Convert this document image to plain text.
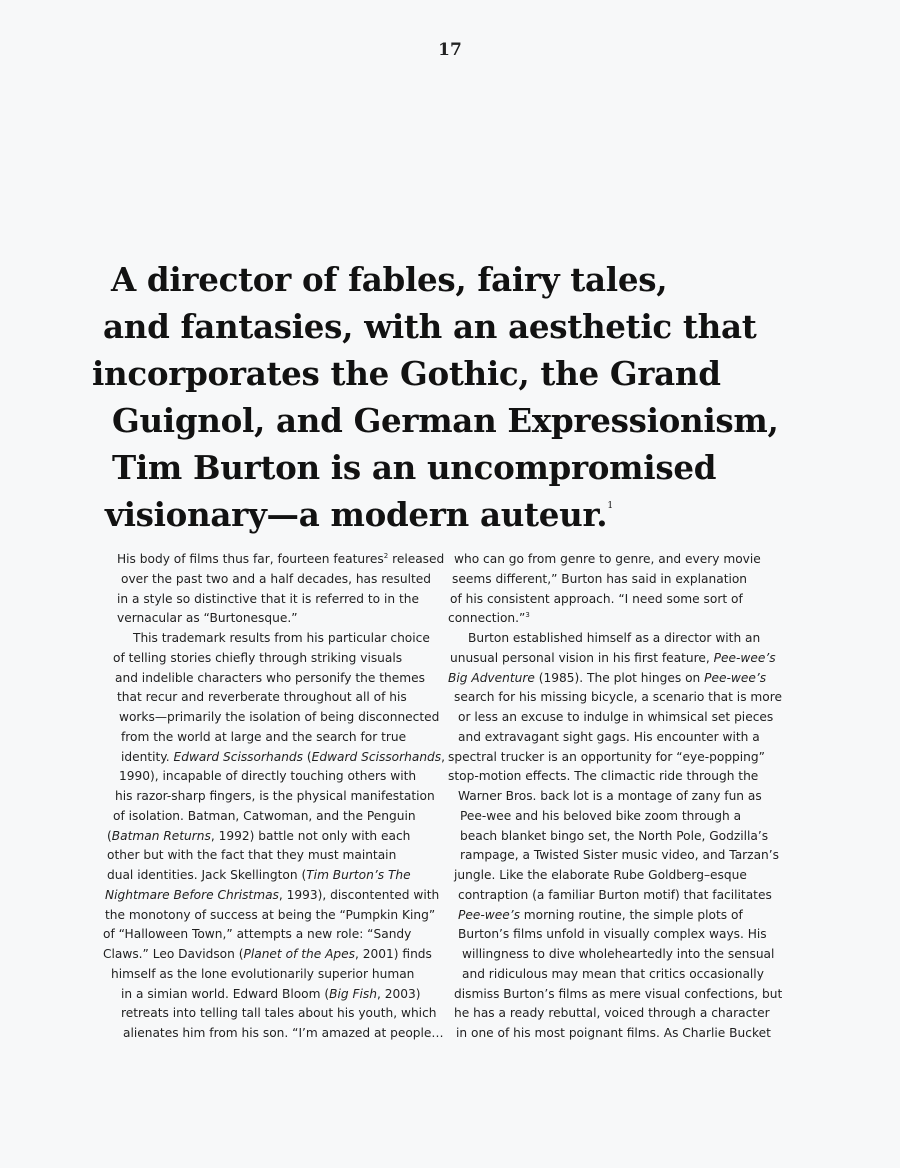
17
A director of fables, fairy tales,
and fantasies, with an aesthetic that
incorporates the Gothic, the Grand
Guignol, and German Expressionism,
Tim Burton is an uncompromised
visionary—a modern auteur.$^1$
His body of films thus far, fourteen features$^2$ released
over the past two and a half decades, has resulted
in a style so distinctive that it is referred to in the
vernacular as “Burtonesque.”
This trademark results from his particular choice
of telling stories chiefly through striking visuals
and indelible characters who personify the themes
that recur and reverberate throughout all of his
works—primarily the isolation of being disconnected
from the world at large and the search for true
identity. Edward Scissorhands (Edward Scissorhands,
1990), incapable of directly touching others with
his razor-sharp fingers, is the physical manifestation
of isolation. Batman, Catwoman, and the Penguin
(Batman Returns, 1992) battle not only with each
other but with the fact that they must maintain
dual identities. Jack Skellington (Tim Burton’s The
Nightmare Before Christmas, 1993), discontented with
the monotony of success at being the “Pumpkin King”
of “Halloween Town,” attempts a new role: “Sandy
Claws.” Leo Davidson (Planet of the Apes, 2001) finds
himself as the lone evolutionarily superior human
in a simian world. Edward Bloom (Big Fish, 2003)
retreats into telling tall tales about his youth, which
alienates him from his son. “I’m amazed at people…
who can go from genre to genre, and every movie
seems different,” Burton has said in explanation
of his consistent approach. “I need some sort of
connection.”$^3$
Burton established himself as a director with an
unusual personal vision in his first feature, Pee-wee’s
Big Adventure (1985). The plot hinges on Pee-wee’s
search for his missing bicycle, a scenario that is more
or less an excuse to indulge in whimsical set pieces
and extravagant sight gags. His encounter with a
spectral trucker is an opportunity for “eye-popping”
stop-motion effects. The climactic ride through the
Warner Bros. back lot is a montage of zany fun as
Pee-wee and his beloved bike zoom through a
beach blanket bingo set, the North Pole, Godzilla’s
rampage, a Twisted Sister music video, and Tarzan’s
jungle. Like the elaborate Rube Goldberg–esque
contraption (a familiar Burton motif) that facilitates
Pee-wee’s morning routine, the simple plots of
Burton’s films unfold in visually complex ways. His
willingness to dive wholeheartedly into the sensual
and ridiculous may mean that critics occasionally
dismiss Burton’s films as mere visual confections, but
he has a ready rebuttal, voiced through a character
in one of his most poignant films. As Charlie Bucket
